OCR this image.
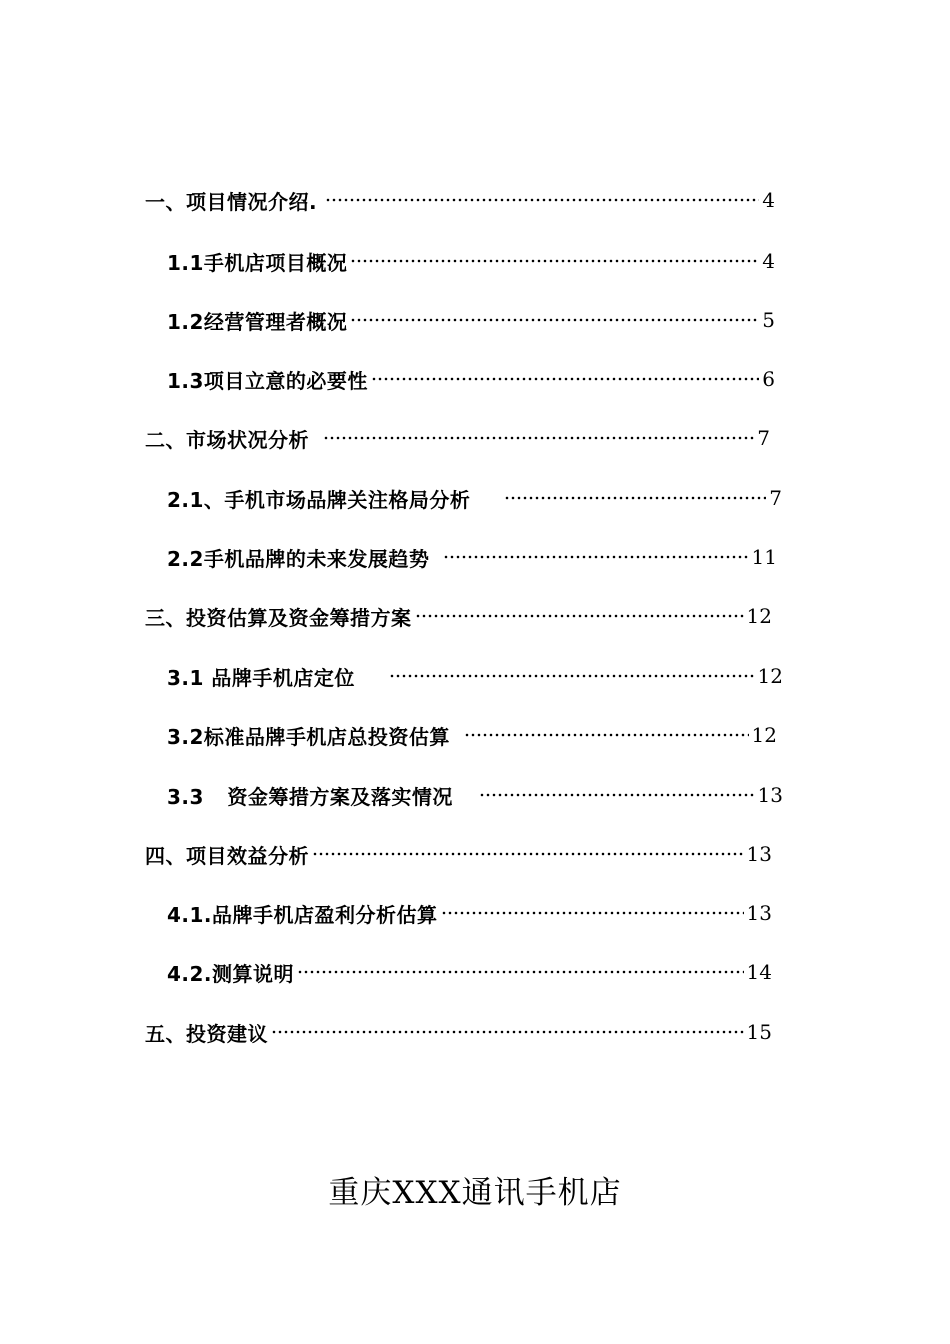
一、项目情况介绍.	4
1.1手机店项目概况	4
1.2经营管理者概况	5
1.3项目立意的必要性	6
二、市场状况分析	7
2.1、手机市场品牌关注格局分析	7
2.2手机品牌的未来发展趋势	11
三、投资估算及资金筹措方案	12
3.1 品牌手机店定位	12
3.2标准品牌手机店总投资估算	12
3.3 资金筹措方案及落实情况	13
四、项目效益分析	13
4.1.品牌手机店盈利分析估算	13
4.2.测算说明	14
五、投资建议	15
重庆XXX通讯手机店
